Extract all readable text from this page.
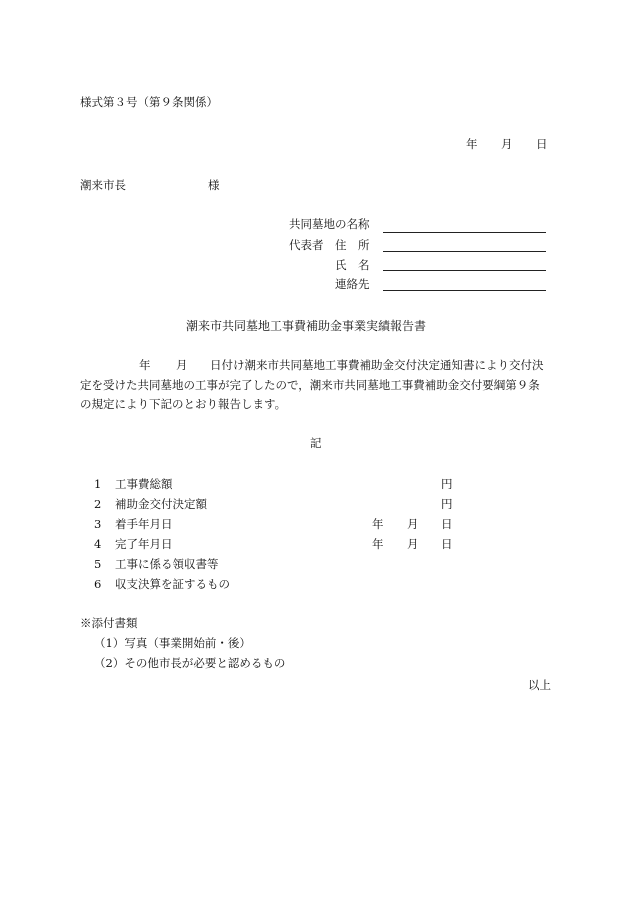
様式第３号（第９条関係）
年 月 日
潮来市長	様
共同墓地の名称
代表者 住　所
氏　名
連絡先
潮来市共同墓地工事費補助金事業実績報告書
年 月 日付け潮来市共同墓地工事費補助金交付決定通知書により交付決
定を受けた共同墓地の工事が完了したので，潮来市共同墓地工事費補助金交付要綱第９条
の規定により下記のとおり報告します。
記
1 工事費総額	円
2 補助金交付決定額	円
3 着手年月日	年 月 日
4 完了年月日	年 月 日
5 工事に係る領収書等
6 収支決算を証するもの
※添付書類
（1）写真（事業開始前・後）
（2）その他市長が必要と認めるもの
以上
